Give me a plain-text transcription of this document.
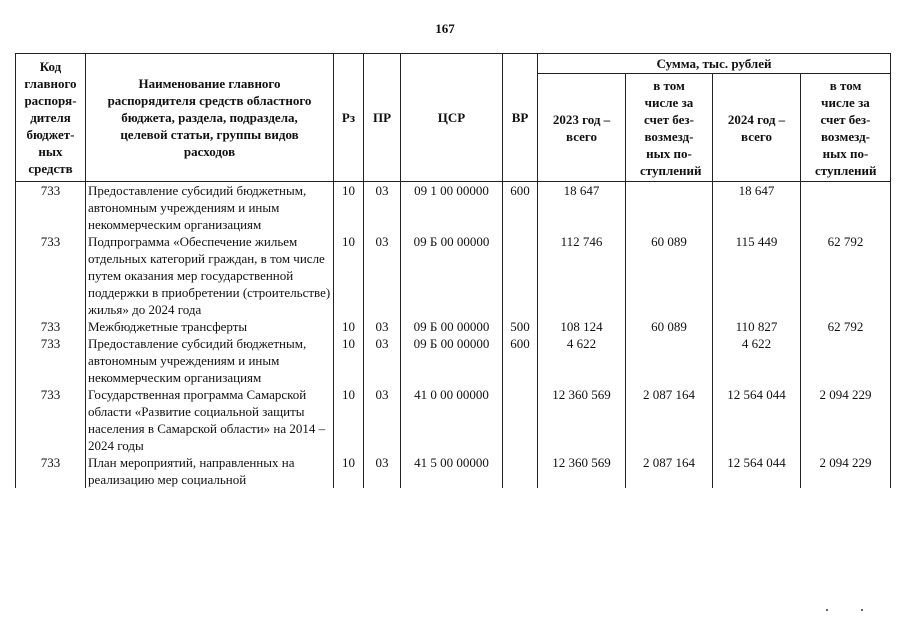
167
Код главного распоря-дителя бюджет-ных средств	Наименование главного распорядителя средств областного бюджета, раздела, подраздела, целевой статьи, группы видов расходов	Рз	ПР	ЦСР	ВР	Сумма, тыс. рублей			
						2023 год – всего	в том числе за счет без-возмезд-ных по-ступлений	2024 год – всего	в том числе за счет без-возмезд-ных по-ступлений
733	Предоставление субсидий бюджетным, автономным учреждениям и иным некоммерческим организациям	10	03	09 1 00 00000	600	18 647		18 647	
733	Подпрограмма «Обеспечение жильем отдельных категорий граждан, в том числе путем оказания мер государственной поддержки в приобретении (строительстве) жилья» до 2024 года	10	03	09 Б 00 00000		112 746	60 089	115 449	62 792
733	Межбюджетные трансферты	10	03	09 Б 00 00000	500	108 124	60 089	110 827	62 792
733	Предоставление субсидий бюджетным, автономным учреждениям и иным некоммерческим организациям	10	03	09 Б 00 00000	600	4 622		4 622	
733	Государственная программа Самарской области «Развитие социальной защиты населения в Самарской области» на 2014 – 2024 годы	10	03	41 0 00 00000		12 360 569	2 087 164	12 564 044	2 094 229
733	План мероприятий, направленных на реализацию мер социальной	10	03	41 5 00 00000		12 360 569	2 087 164	12 564 044	2 094 229
